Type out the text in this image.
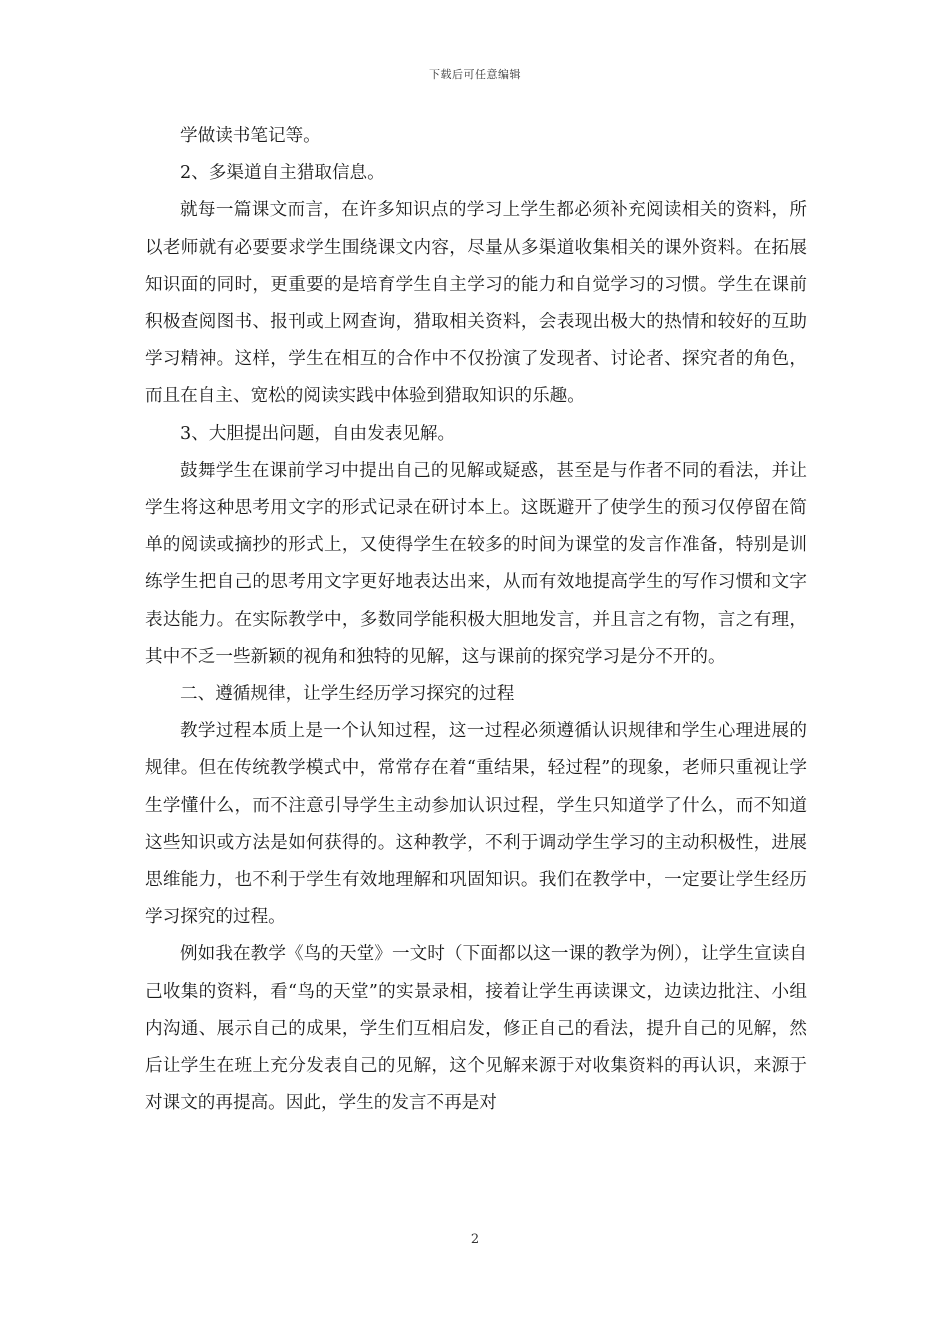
下载后可任意编辑

学做读书笔记等。

2、多渠道自主猎取信息。

就每一篇课文而言，在许多知识点的学习上学生都必须补充阅读相关的资料，所以老师就有必要要求学生围绕课文内容，尽量从多渠道收集相关的课外资料。在拓展知识面的同时，更重要的是培育学生自主学习的能力和自觉学习的习惯。学生在课前积极查阅图书、报刊或上网查询，猎取相关资料，会表现出极大的热情和较好的互助学习精神。这样，学生在相互的合作中不仅扮演了发现者、讨论者、探究者的角色，而且在自主、宽松的阅读实践中体验到猎取知识的乐趣。

3、大胆提出问题，自由发表见解。

鼓舞学生在课前学习中提出自己的见解或疑惑，甚至是与作者不同的看法，并让学生将这种思考用文字的形式记录在研讨本上。这既避开了使学生的预习仅停留在简单的阅读或摘抄的形式上，又使得学生在较多的时间为课堂的发言作准备，特别是训练学生把自己的思考用文字更好地表达出来，从而有效地提高学生的写作习惯和文字表达能力。在实际教学中，多数同学能积极大胆地发言，并且言之有物，言之有理，其中不乏一些新颖的视角和独特的见解，这与课前的探究学习是分不开的。

二、遵循规律，让学生经历学习探究的过程

教学过程本质上是一个认知过程，这一过程必须遵循认识规律和学生心理进展的规律。但在传统教学模式中，常常存在着“重结果，轻过程”的现象，老师只重视让学生学懂什么，而不注意引导学生主动参加认识过程，学生只知道学了什么，而不知道这些知识或方法是如何获得的。这种教学，不利于调动学生学习的主动积极性，进展思维能力，也不利于学生有效地理解和巩固知识。我们在教学中，一定要让学生经历学习探究的过程。

例如我在教学《鸟的天堂》一文时（下面都以这一课的教学为例），让学生宣读自己收集的资料，看“鸟的天堂”的实景录相，接着让学生再读课文，边读边批注、小组内沟通、展示自己的成果，学生们互相启发，修正自己的看法，提升自己的见解，然后让学生在班上充分发表自己的见解，这个见解来源于对收集资料的再认识，来源于对课文的再提高。因此，学生的发言不再是对

2
